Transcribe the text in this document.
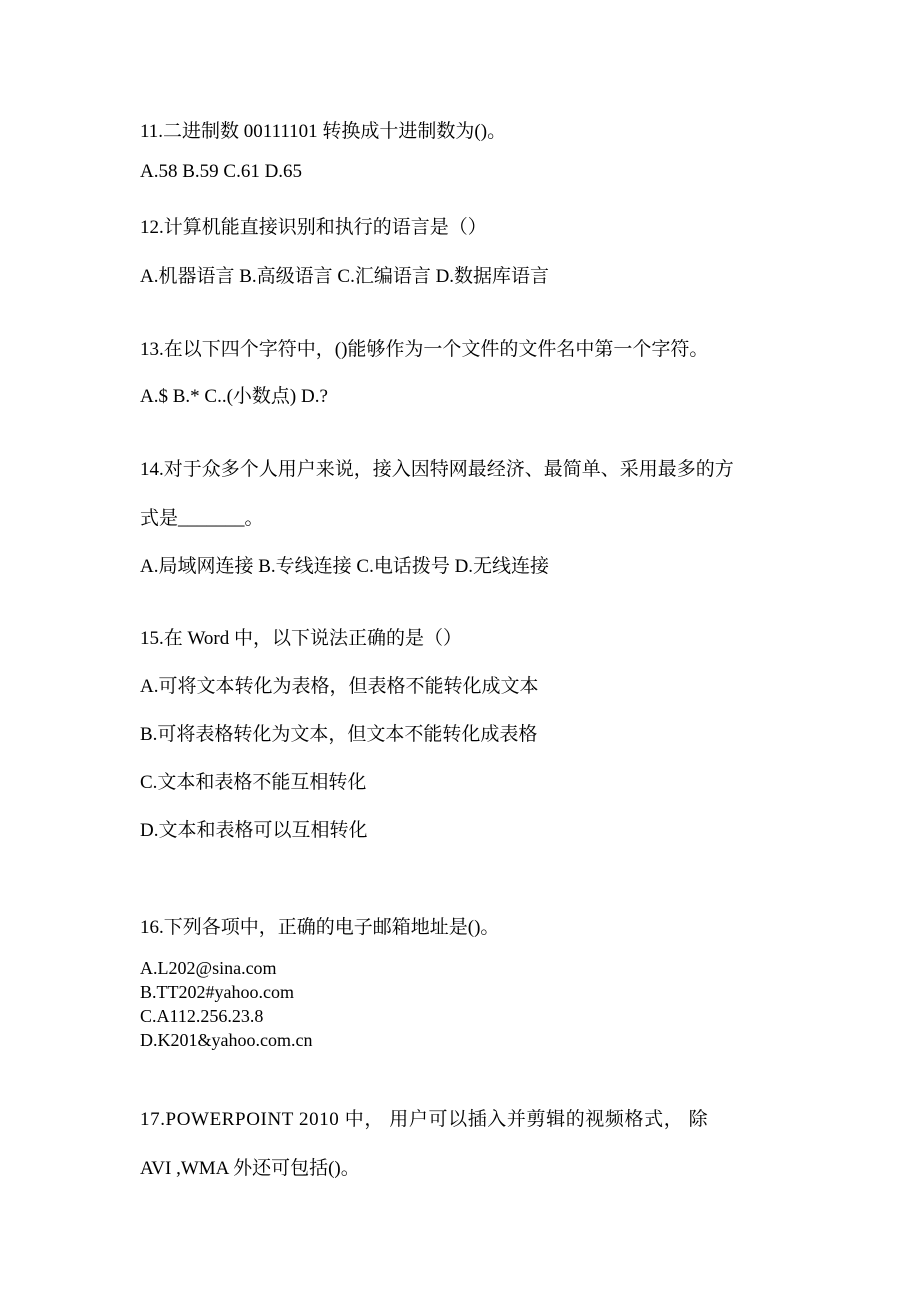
11.二进制数 00111101 转换成十进制数为()。
A.58 B.59 C.61 D.65
12.计算机能直接识别和执行的语言是（）
A.机器语言 B.高级语言 C.汇编语言 D.数据库语言
13.在以下四个字符中，()能够作为一个文件的文件名中第一个字符。
A.$ B.* C..(小数点) D.?
14.对于众多个人用户来说，接入因特网最经济、最简单、采用最多的方
式是_______。
A.局域网连接 B.专线连接 C.电话拨号 D.无线连接
15.在 Word 中，以下说法正确的是（）
A.可将文本转化为表格，但表格不能转化成文本
B.可将表格转化为文本，但文本不能转化成表格
C.文本和表格不能互相转化
D.文本和表格可以互相转化
16.下列各项中，正确的电子邮箱地址是()。
A.L202@sina.com
B.TT202#yahoo.com
C.A112.256.23.8
D.K201&yahoo.com.cn
17.POWERPOINT 2010 中， 用户可以插入并剪辑的视频格式， 除
AVI ,WMA 外还可包括()。
